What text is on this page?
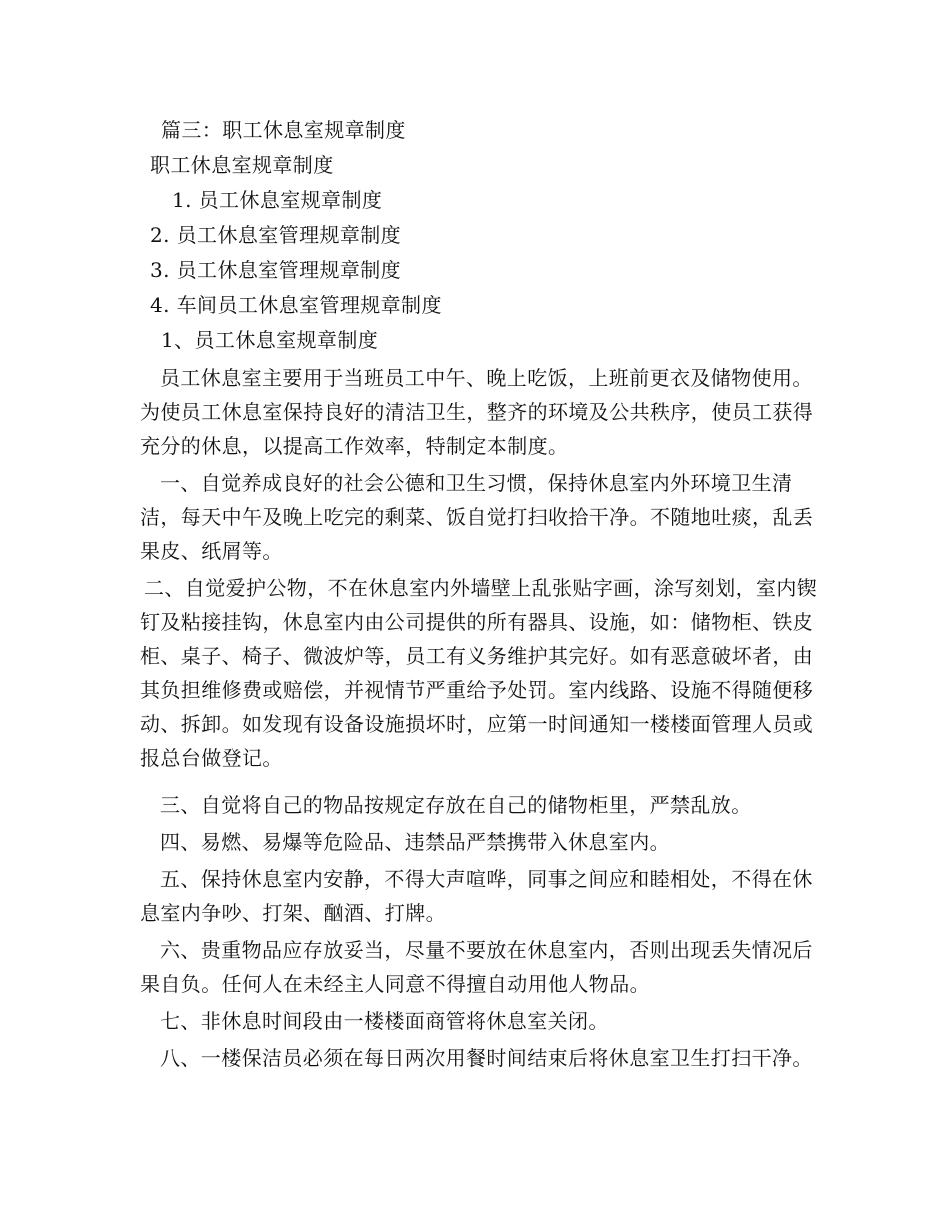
篇三：职工休息室规章制度
职工休息室规章制度
1. 员工休息室规章制度
2. 员工休息室管理规章制度
3. 员工休息室管理规章制度
4. 车间员工休息室管理规章制度
1、员工休息室规章制度

员工休息室主要用于当班员工中午、晚上吃饭，上班前更衣及储物使用。为使员工休息室保持良好的清洁卫生，整齐的环境及公共秩序，使员工获得充分的休息，以提高工作效率，特制定本制度。

一、自觉养成良好的社会公德和卫生习惯，保持休息室内外环境卫生清洁，每天中午及晚上吃完的剩菜、饭自觉打扫收拾干净。不随地吐痰，乱丢果皮、纸屑等。

二、自觉爱护公物，不在休息室内外墙壁上乱张贴字画，涂写刻划，室内锲钉及粘接挂钩，休息室内由公司提供的所有器具、设施，如：储物柜、铁皮柜、桌子、椅子、微波炉等，员工有义务维护其完好。如有恶意破坏者，由其负担维修费或赔偿，并视情节严重给予处罚。室内线路、设施不得随便移动、拆卸。如发现有设备设施损坏时，应第一时间通知一楼楼面管理人员或报总台做登记。

三、自觉将自己的物品按规定存放在自己的储物柜里，严禁乱放。

四、易燃、易爆等危险品、违禁品严禁携带入休息室内。

五、保持休息室内安静，不得大声喧哗，同事之间应和睦相处，不得在休息室内争吵、打架、酗酒、打牌。

六、贵重物品应存放妥当，尽量不要放在休息室内，否则出现丢失情况后果自负。任何人在未经主人同意不得擅自动用他人物品。

七、非休息时间段由一楼楼面商管将休息室关闭。

八、一楼保洁员必须在每日两次用餐时间结束后将休息室卫生打扫干净。
